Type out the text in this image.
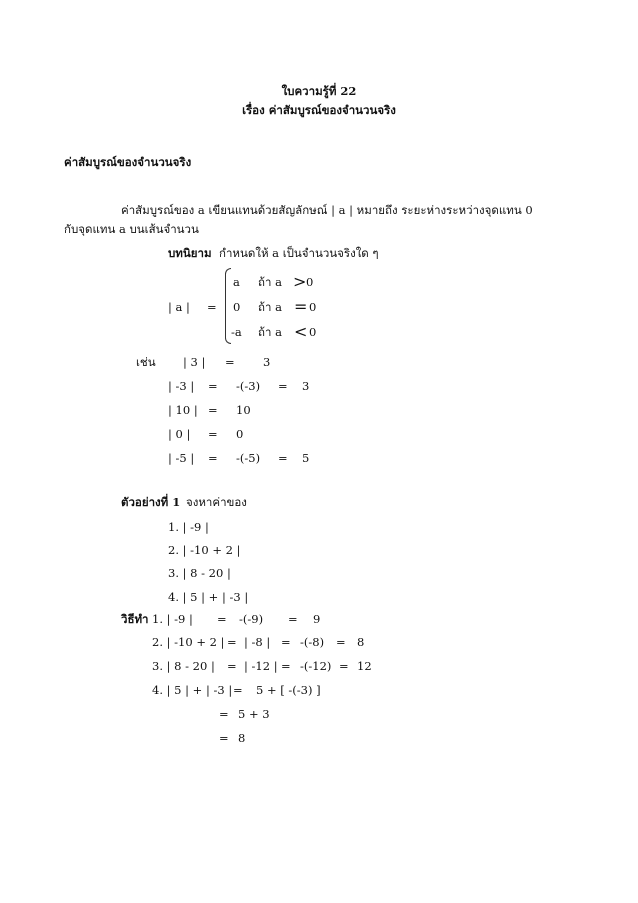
ใบความรู้ที่ 22
เรื่อง ค่าสัมบูรณ์ของจำนวนจริง
ค่าสัมบูรณ์ของจำนวนจริง
ค่าสัมบูรณ์ของ a เขียนแทนด้วยสัญลักษณ์ | a | หมายถึง ระยะห่างระหว่างจุดแทน 0
กับจุดแทน a บนเส้นจำนวน
บทนิยาม กำหนดให้ a เป็นจำนวนจริงใด ๆ
| a | =
a ถ้า a > 0
0 ถ้า a = 0
-a ถ้า a < 0
เช่น | 3 | = 3
| -3 | = -(-3) = 3
| 10 | = 10
| 0 | = 0
| -5 | = -(-5) = 5
ตัวอย่างที่ 1 จงหาค่าของ
1. | -9 |
2. | -10 + 2 |
3. | 8 - 20 |
4. | 5 | + | -3 |
วิธีทำ 1. | -9 | = -(-9) = 9
2. | -10 + 2 | = | -8 | = -(-8) = 8
3. | 8 - 20 | = | -12 | = -(-12) = 12
4. | 5 | + | -3 | = 5 + [ -(-3) ]
= 5 + 3
= 8
